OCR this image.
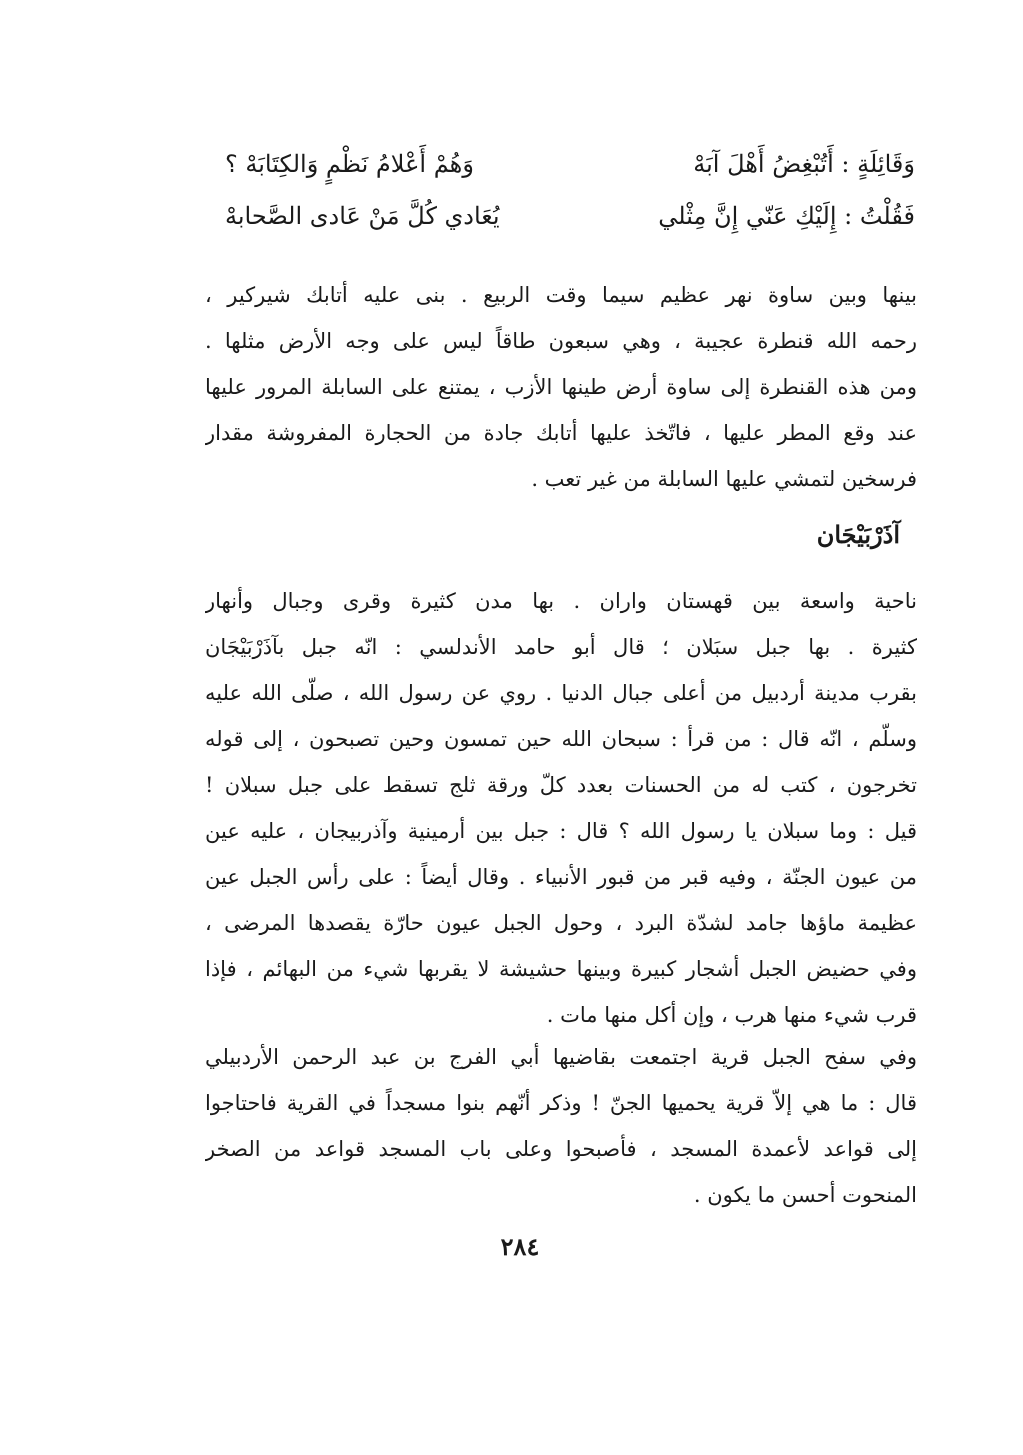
وَقَائِلَةٍ : أَتُبْغِضُ أَهْلَ آبَهْ
وَهُمْ أَعْلامُ نَظْمٍ وَالكِتَابَهْ ؟
فَقُلْتُ : إِلَيْكِ عَنّي إِنَّ مِثْلي
يُعَادي كُلَّ مَنْ عَادى الصَّحابهْ
بينها وبين ساوة نهر عظيم سيما وقت الربيع . بنى عليه أتابك شيركير ،
رحمه الله قنطرة عجيبة ، وهي سبعون طاقاً ليس على وجه الأرض مثلها .
ومن هذه القنطرة إلى ساوة أرض طينها الأزب ، يمتنع على السابلة المرور عليها
عند وقع المطر عليها ، فاتّخذ عليها أتابك جادة من الحجارة المفروشة مقدار
فرسخين لتمشي عليها السابلة من غير تعب .
آذَرْبَيْجَان
ناحية واسعة بين قهستان واران . بها مدن كثيرة وقرى وجبال وأنهار
كثيرة . بها جبل سبَلان ؛ قال أبو حامد الأندلسي : انّه جبل بآذَرْبَيْجَان
بقرب مدينة أردبيل من أعلى جبال الدنيا . روي عن رسول الله ، صلّى الله عليه
وسلّم ، انّه قال : من قرأ : سبحان الله حين تمسون وحين تصبحون ، إلى قوله
تخرجون ، كتب له من الحسنات بعدد كلّ ورقة ثلج تسقط على جبل سبلان !
قيل : وما سبلان يا رسول الله ؟ قال : جبل بين أرمينية وآذربيجان ، عليه عين
من عيون الجنّة ، وفيه قبر من قبور الأنبياء . وقال أيضاً : على رأس الجبل عين
عظيمة ماؤها جامد لشدّة البرد ، وحول الجبل عيون حارّة يقصدها المرضى ،
وفي حضيض الجبل أشجار كبيرة وبينها حشيشة لا يقربها شيء من البهائم ، فإذا
قرب شيء منها هرب ، وإن أكل منها مات .
وفي سفح الجبل قرية اجتمعت بقاضيها أبي الفرج بن عبد الرحمن الأردبيلي
قال : ما هي إلاّ قرية يحميها الجنّ ! وذكر أنّهم بنوا مسجداً في القرية فاحتاجوا
إلى قواعد لأعمدة المسجد ، فأصبحوا وعلى باب المسجد قواعد من الصخر
المنحوت أحسن ما يكون .
٢٨٤
